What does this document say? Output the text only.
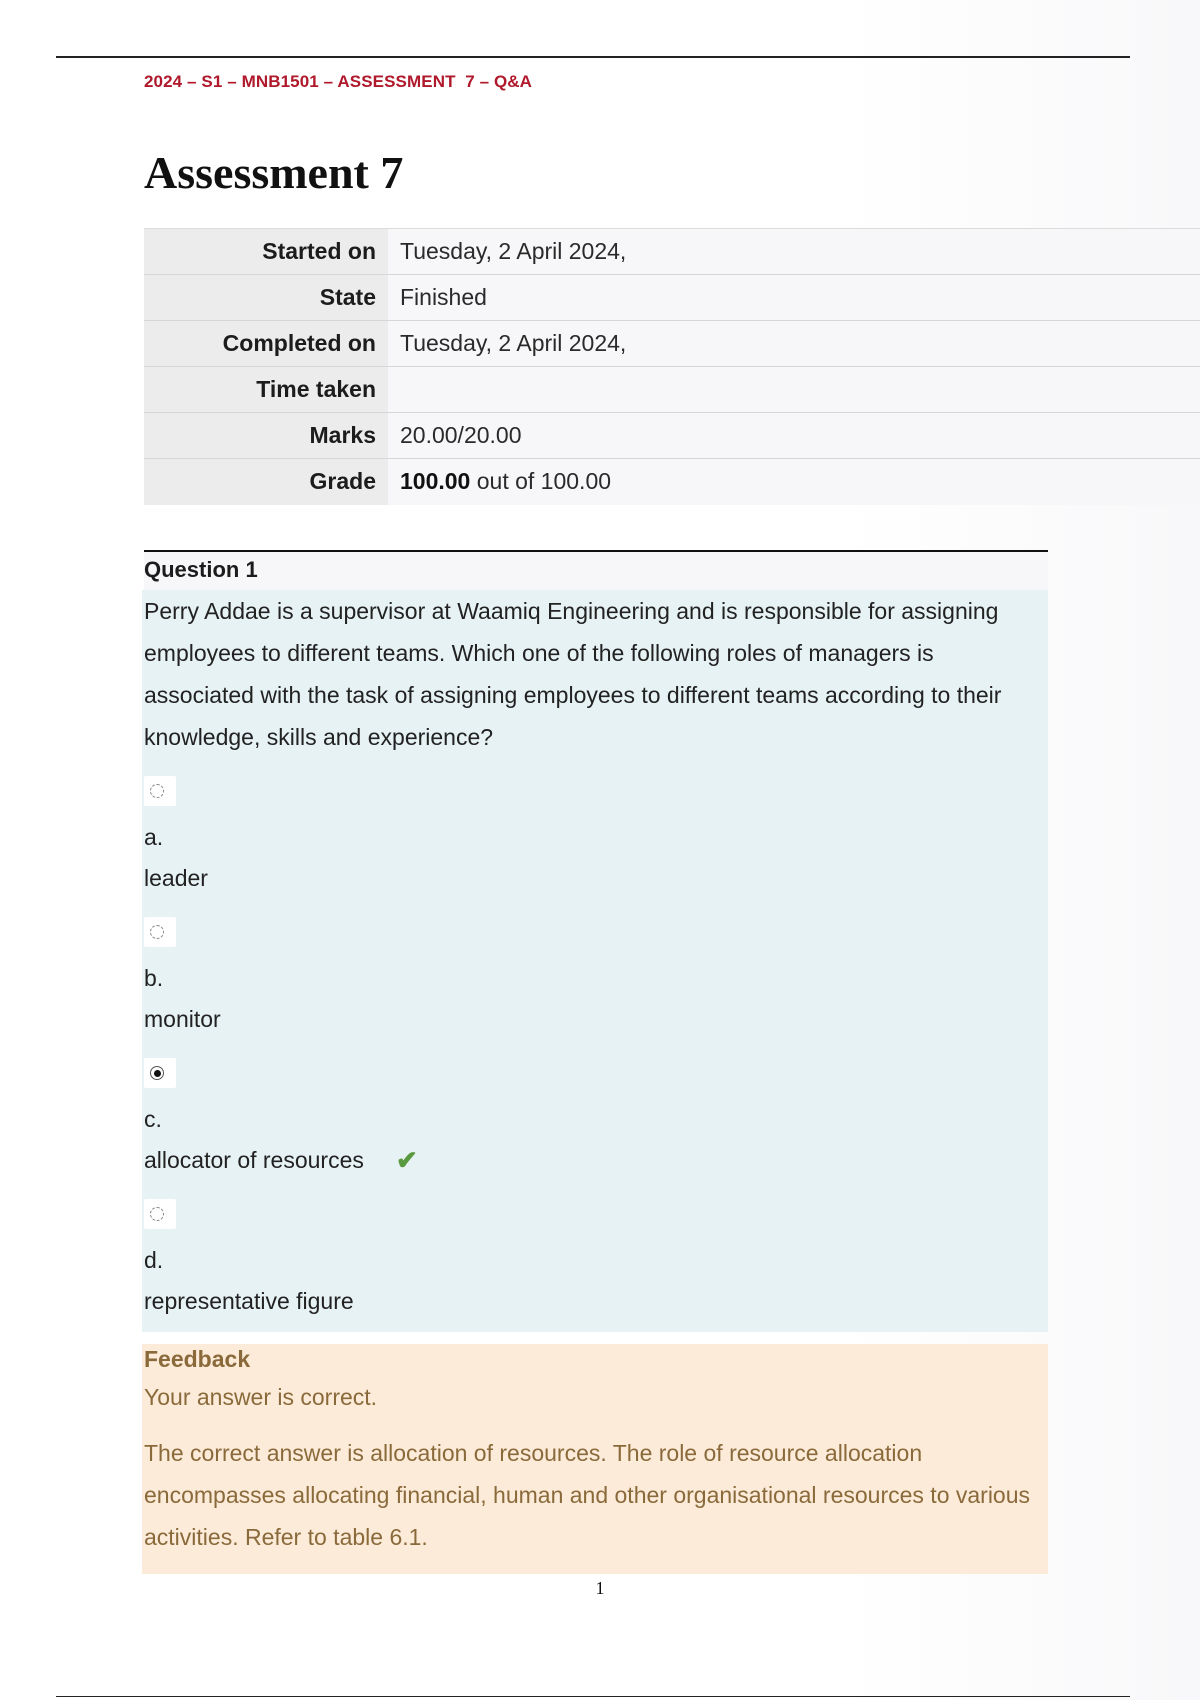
2024 – S1 – MNB1501 – ASSESSMENT  7 – Q&A
Assessment 7
Started on	Tuesday, 2 April 2024,
State	Finished
Completed on	Tuesday, 2 April 2024,
Time taken	
Marks	20.00/20.00
Grade	100.00 out of 100.00
Question 1

Perry Addae is a supervisor at Waamiq Engineering and is responsible for assigning employees to different teams. Which one of the following roles of managers is associated with the task of assigning employees to different teams according to their knowledge, skills and experience?

a.
leader
b.
monitor
c.
allocator of resources ✔
d.
representative figure
Feedback
Your answer is correct.

The correct answer is allocation of resources. The role of resource allocation encompasses allocating financial, human and other organisational resources to various activities. Refer to table 6.1.

1
